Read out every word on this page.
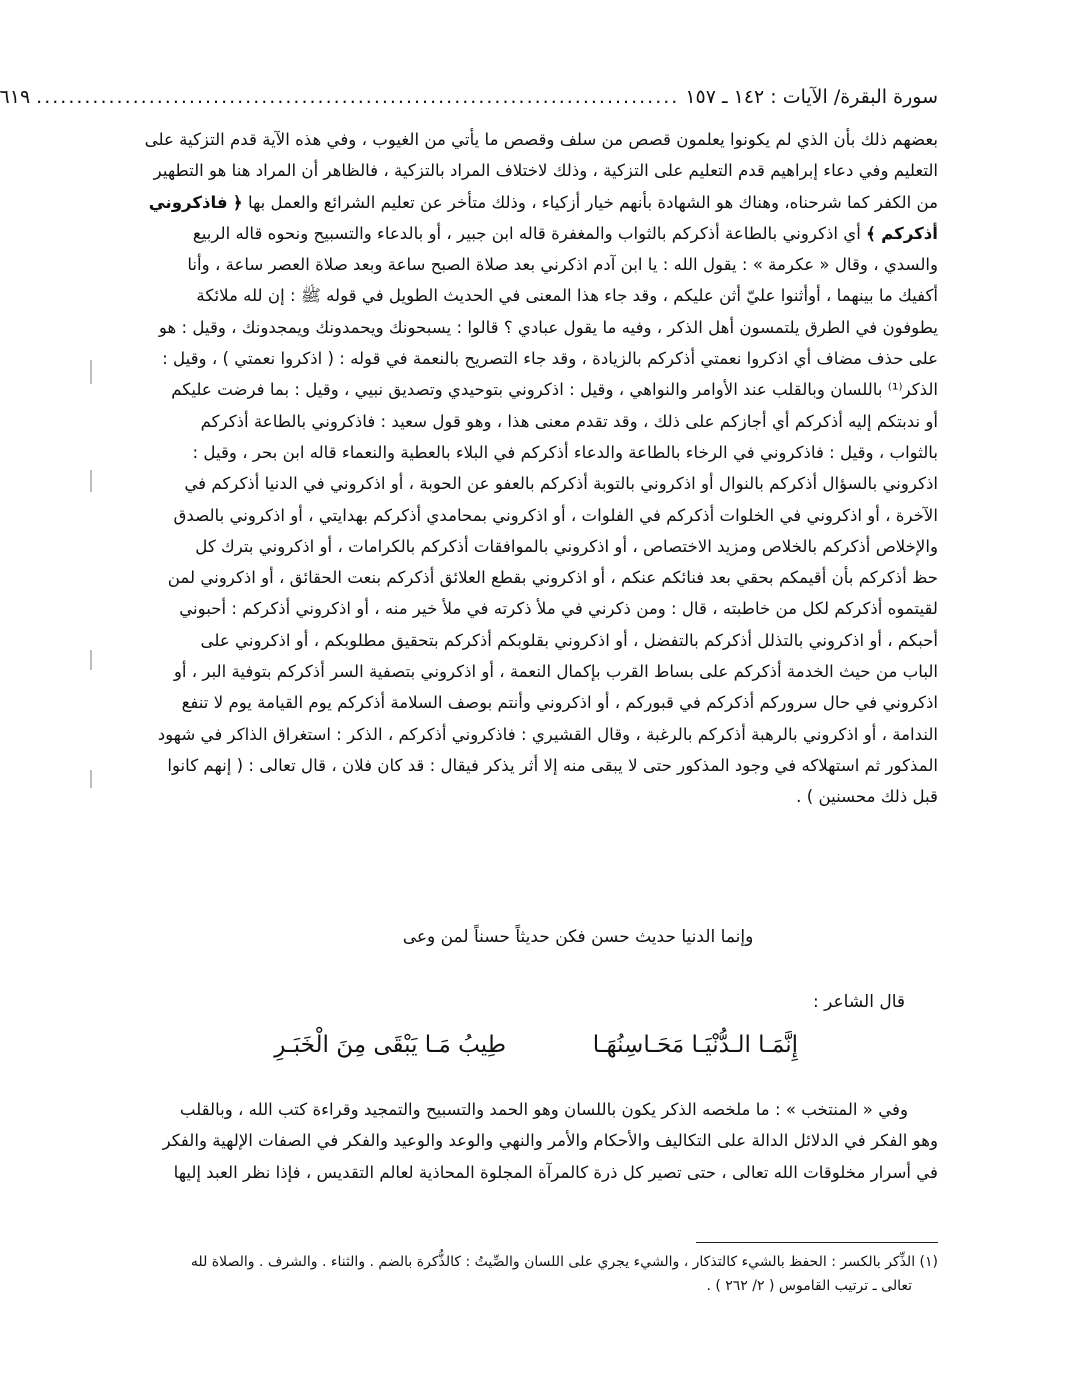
سورة البقرة/ الآيات : ١٤٢ ـ ١٥٧
................................................................................
٦١٩
بعضهم ذلك بأن الذي لم يكونوا يعلمون قصص من سلف وقصص ما يأتي من الغيوب ، وفي هذه الآية قدم التزكية على
التعليم وفي دعاء إبراهيم قدم التعليم على التزكية ، وذلك لاختلاف المراد بالتزكية ، فالظاهر أن المراد هنا هو التطهير
من الكفر كما شرحناه، وهناك هو الشهادة بأنهم خيار أزكياء ، وذلك متأخر عن تعليم الشرائع والعمل بها ﴿ فاذكروني
أذكركم ﴾ أي اذكروني بالطاعة أذكركم بالثواب والمغفرة قاله ابن جبير ، أو بالدعاء والتسبيح ونحوه قاله الربيع
والسدي ، وقال « عكرمة » : يقول الله : يا ابن آدم اذكرني بعد صلاة الصبح ساعة وبعد صلاة العصر ساعة ، وأنا
أكفيك ما بينهما ، أوأثنوا عليّ أثن عليكم ، وقد جاء هذا المعنى في الحديث الطويل في قوله ﷺ : إن لله ملائكة
يطوفون في الطرق يلتمسون أهل الذكر ، وفيه ما يقول عبادي ؟ قالوا : يسبحونك ويحمدونك ويمجدونك ، وقيل : هو
على حذف مضاف أي اذكروا نعمتي أذكركم بالزيادة ، وقد جاء التصريح بالنعمة في قوله : ( اذكروا نعمتي ) ، وقيل :
الذكر⁽¹⁾ باللسان وبالقلب عند الأوامر والنواهي ، وقيل : اذكروني بتوحيدي وتصديق نبيي ، وقيل : بما فرضت عليكم
أو ندبتكم إليه أذكركم أي أجازكم على ذلك ، وقد تقدم معنى هذا ، وهو قول سعيد : فاذكروني بالطاعة أذكركم
بالثواب ، وقيل : فاذكروني في الرخاء بالطاعة والدعاء أذكركم في البلاء بالعطية والنعماء قاله ابن بحر ، وقيل :
اذكروني بالسؤال أذكركم بالنوال أو اذكروني بالتوبة أذكركم بالعفو عن الحوبة ، أو اذكروني في الدنيا أذكركم في
الآخرة ، أو اذكروني في الخلوات أذكركم في الفلوات ، أو اذكروني بمحامدي أذكركم بهدايتي ، أو اذكروني بالصدق
والإخلاص أذكركم بالخلاص ومزيد الاختصاص ، أو اذكروني بالموافقات أذكركم بالكرامات ، أو اذكروني بترك كل
حظ أذكركم بأن أقيمكم بحقي بعد فنائكم عنكم ، أو اذكروني بقطع العلائق أذكركم بنعت الحقائق ، أو اذكروني لمن
لقيتموه أذكركم لكل من خاطبته ، قال : ومن ذكرني في ملأ ذكرته في ملأ خير منه ، أو اذكروني أذكركم : أحبوني
أحبكم ، أو اذكروني بالتذلل أذكركم بالتفضل ، أو اذكروني بقلوبكم أذكركم بتحقيق مطلوبكم ، أو اذكروني على
الباب من حيث الخدمة أذكركم على بساط القرب بإكمال النعمة ، أو اذكروني بتصفية السر أذكركم بتوفية البر ، أو
اذكروني في حال سروركم أذكركم في قبوركم ، أو اذكروني وأنتم بوصف السلامة أذكركم يوم القيامة يوم لا تنفع
الندامة ، أو اذكروني بالرهبة أذكركم بالرغبة ، وقال القشيري : فاذكروني أذكركم ، الذكر : استغراق الذاكر في شهود
المذكور ثم استهلاكه في وجود المذكور حتى لا يبقى منه إلا أثر يذكر فيقال : قد كان فلان ، قال تعالى : ( إنهم كانوا
قبل ذلك محسنين ) .
وإنما الدنيا حديث حسن فكن حديثاً حسناً لمن وعى
قال الشاعر :
إِنَّمَـا الـدُّنْيَـا مَحَـاسِنُهَـا
طِيبُ مَـا يَبْقَى مِنَ الْخَبَـرِ
وفي « المنتخب » : ما ملخصه الذكر يكون باللسان وهو الحمد والتسبيح والتمجيد وقراءة كتب الله ، وبالقلب
وهو الفكر في الدلائل الدالة على التكاليف والأحكام والأمر والنهي والوعد والوعيد والفكر في الصفات الإلهية والفكر
في أسرار مخلوقات الله تعالى ، حتى تصير كل ذرة كالمرآة المجلوة المحاذية لعالم التقديس ، فإذا نظر العبد إليها
(١) الذِّكر بالكسر : الحفظ بالشيء كالتذكار ، والشيء يجري على اللسان والصِّيتُ : كالذُّكرة بالضم . والثناء . والشرف . والصلاة لله
تعالى ـ ترتيب القاموس ( ٢/ ٢٦٢ ) .
